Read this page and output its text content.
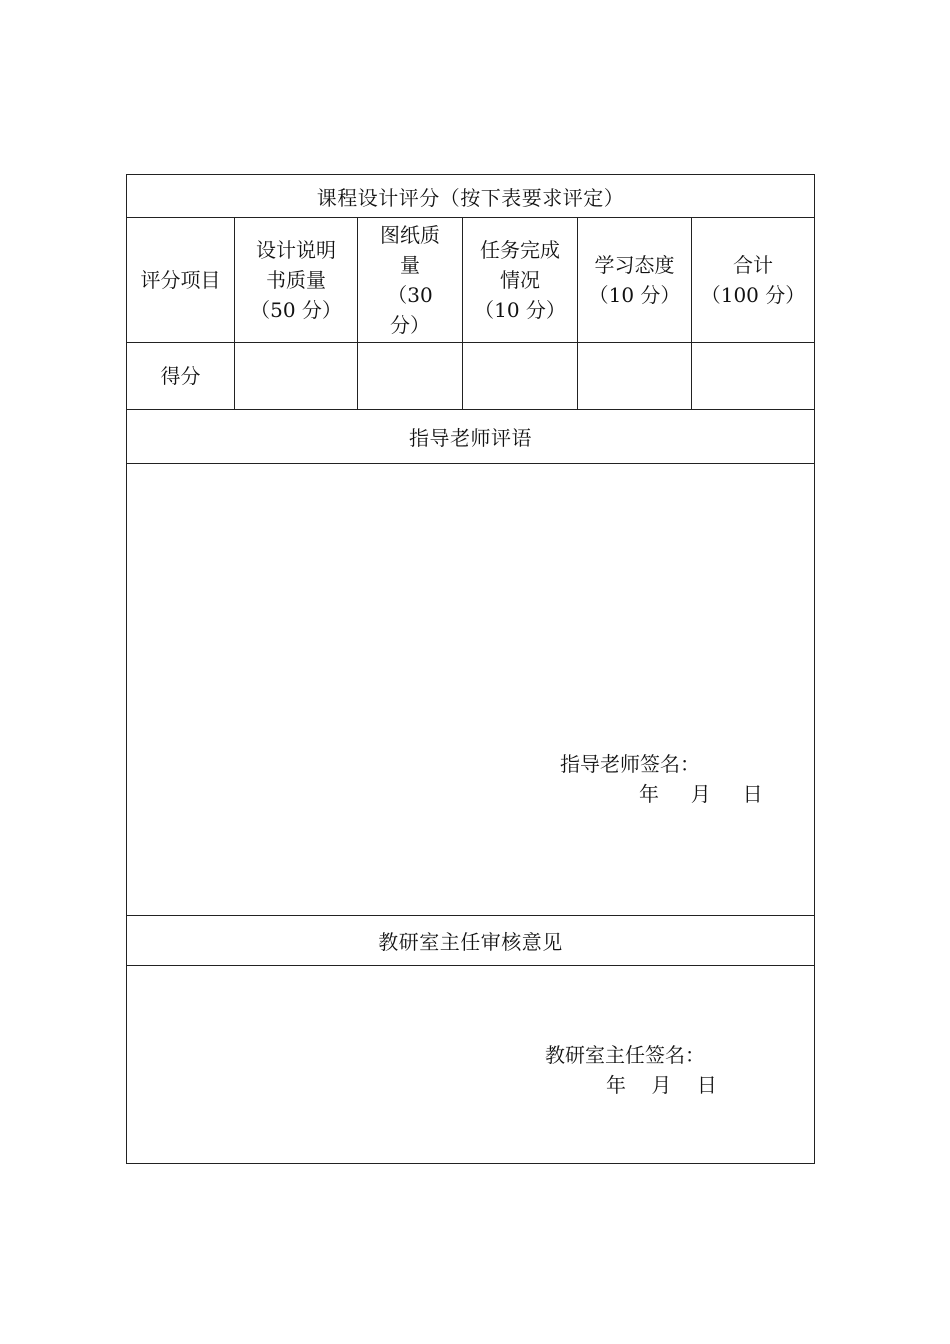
课程设计评分（按下表要求评定）
评分项目
设计说明
书质量
（50 分）
图纸质
量
（30
分）
任务完成
情况
（10 分）
学习态度
（10 分）
合计
（100 分）
得分
指导老师评语
指导老师签名：
年     月     日
教研室主任审核意见
教研室主任签名：
年    月    日
